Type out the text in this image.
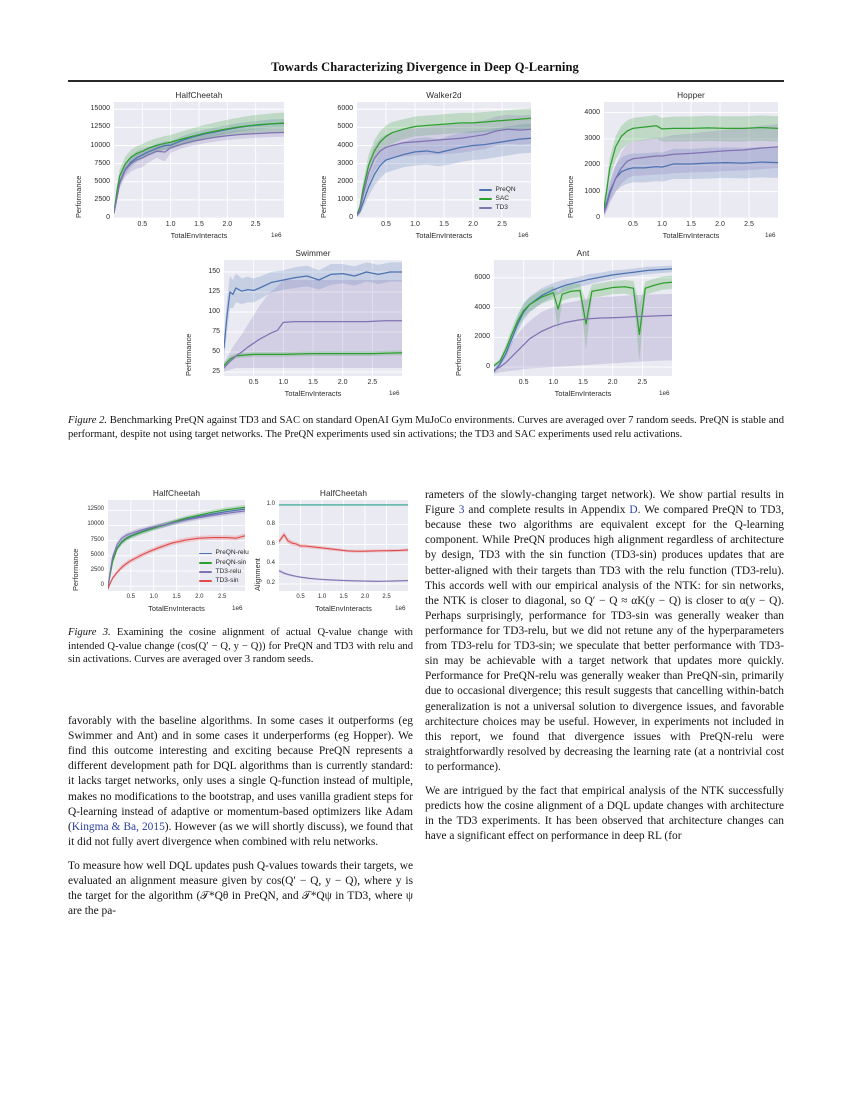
Towards Characterizing Divergence in Deep Q-Learning
HalfCheetah
0
2500
5000
7500
10000
12500
15000
0.5	1.0	1.5	2.0	2.5
Performance
TotalEnvInteracts	1e6
Walker2d
0
1000
2000
3000
4000
5000
6000
0.5	1.0	1.5	2.0	2.5
Performance
TotalEnvInteracts	1e6
PreQN
SAC
TD3
Hopper
0
1000
2000
3000
4000
0.5	1.0	1.5	2.0	2.5
Performance
TotalEnvInteracts	1e6
Swimmer
25
50
75
100
125
150
0.5	1.0	1.5	2.0	2.5
Performance
TotalEnvInteracts	1e6
Ant
0
2000
4000
6000
0.5	1.0	1.5	2.0	2.5
Performance
TotalEnvInteracts	1e6
Figure 2. Benchmarking PreQN against TD3 and SAC on standard OpenAI Gym MuJoCo environments. Curves are averaged over 7 random seeds. PreQN is stable and performant, despite not using target networks. The PreQN experiments used sin activations; the TD3 and SAC experiments used relu activations.
HalfCheetah
0
2500
5000
7500
10000
12500
0.5	1.0	1.5	2.0	2.5
Performance
TotalEnvInteracts	1e6
PreQN-relu
PreQN-sin
TD3-relu
TD3-sin
HalfCheetah
0.2
0.4
0.6
0.8
1.0
0.5	1.0	1.5	2.0	2.5
Alignment
TotalEnvInteracts	1e6
Figure 3. Examining the cosine alignment of actual Q-value change with intended Q-value change (cos(Q′ − Q, y − Q)) for PreQN and TD3 with relu and sin activations. Curves are averaged over 3 random seeds.

favorably with the baseline algorithms. In some cases it outperforms (eg Swimmer and Ant) and in some cases it underperforms (eg Hopper). We find this outcome interesting and exciting because PreQN represents a different development path for DQL algorithms than is currently standard: it lacks target networks, only uses a single Q-function instead of multiple, makes no modifications to the bootstrap, and uses vanilla gradient steps for Q-learning instead of adaptive or momentum-based optimizers like Adam (Kingma & Ba, 2015). However (as we will shortly discuss), we found that it did not fully avert divergence when combined with relu networks.

To measure how well DQL updates push Q-values towards their targets, we evaluated an alignment measure given by cos(Q′ − Q, y − Q), where y is the target for the algorithm (𝒯*Qθ in PreQN, and 𝒯*Qψ in TD3, where ψ are the pa-

rameters of the slowly-changing target network). We show partial results in Figure 3 and complete results in Appendix D. We compared PreQN to TD3, because these two algorithms are equivalent except for the Q-learning component. While PreQN produces high alignment regardless of architecture by design, TD3 with the sin function (TD3-sin) produces updates that are better-aligned with their targets than TD3 with the relu function (TD3-relu). This accords well with our empirical analysis of the NTK: for sin networks, the NTK is closer to diagonal, so Q′ − Q ≈ αK(y − Q) is closer to α(y − Q). Perhaps surprisingly, performance for TD3-sin was generally weaker than performance for TD3-relu, but we did not retune any of the hyperparameters from TD3-relu for TD3-sin; we speculate that better performance with TD3-sin may be achievable with a target network that updates more quickly. Performance for PreQN-relu was generally weaker than PreQN-sin, primarily due to occasional divergence; this result suggests that cancelling within-batch generalization is not a universal solution to divergence issues, and favorable architecture choices may be useful. However, in experiments not included in this report, we found that divergence issues with PreQN-relu were straightforwardly resolved by decreasing the learning rate (at a nontrivial cost to performance).

We are intrigued by the fact that empirical analysis of the NTK successfully predicts how the cosine alignment of a DQL update changes with architecture in the TD3 experiments. It has been observed that architecture changes can have a significant effect on performance in deep RL (for
